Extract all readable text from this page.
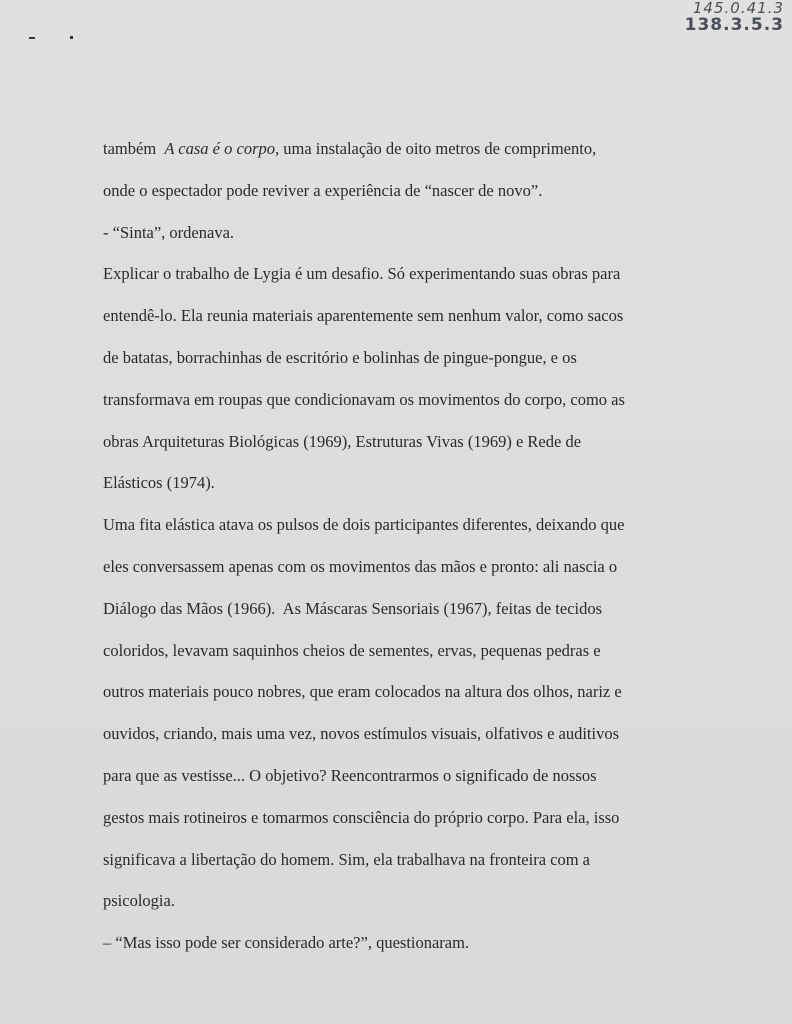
145.0.41.3
138.3.5.3

também  A casa é o corpo, uma instalação de oito metros de comprimento,

onde o espectador pode reviver a experiência de “nascer de novo”.

- “Sinta”, ordenava.

Explicar o trabalho de Lygia é um desafio. Só experimentando suas obras para

entendê-lo. Ela reunia materiais aparentemente sem nenhum valor, como sacos

de batatas, borrachinhas de escritório e bolinhas de pingue-pongue, e os

transformava em roupas que condicionavam os movimentos do corpo, como as

obras Arquiteturas Biológicas (1969), Estruturas Vivas (1969) e Rede de

Elásticos (1974).

Uma fita elástica atava os pulsos de dois participantes diferentes, deixando que

eles conversassem apenas com os movimentos das mãos e pronto: ali nascia o

Diálogo das Mãos (1966).  As Máscaras Sensoriais (1967), feitas de tecidos

coloridos, levavam saquinhos cheios de sementes, ervas, pequenas pedras e

outros materiais pouco nobres, que eram colocados na altura dos olhos, nariz e

ouvidos, criando, mais uma vez, novos estímulos visuais, olfativos e auditivos

para que as vestisse... O objetivo? Reencontrarmos o significado de nossos

gestos mais rotineiros e tomarmos consciência do próprio corpo. Para ela, isso

significava a libertação do homem. Sim, ela trabalhava na fronteira com a

psicologia.

– “Mas isso pode ser considerado arte?”, questionaram.
